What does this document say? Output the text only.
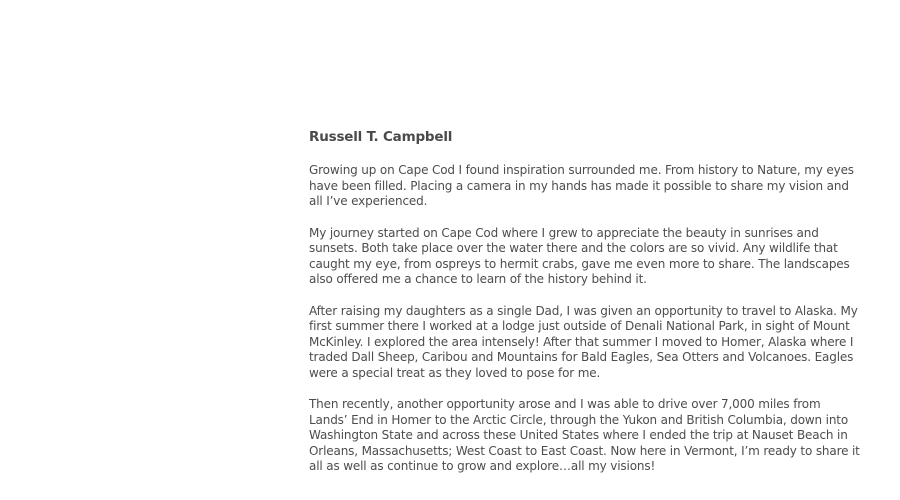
Russell T. Campbell

Growing up on Cape Cod I found inspiration surrounded me. From history to Nature, my eyes have been filled. Placing a camera in my hands has made it possible to share my vision and all I’ve experienced.

My journey started on Cape Cod where I grew to appreciate the beauty in sunrises and sunsets. Both take place over the water there and the colors are so vivid. Any wildlife that caught my eye, from ospreys to hermit crabs, gave me even more to share. The landscapes also offered me a chance to learn of the history behind it.

After raising my daughters as a single Dad, I was given an opportunity to travel to Alaska. My first summer there I worked at a lodge just outside of Denali National Park, in sight of Mount McKinley. I explored the area intensely! After that summer I moved to Homer, Alaska where I traded Dall Sheep, Caribou and Mountains for Bald Eagles, Sea Otters and Volcanoes. Eagles were a special treat as they loved to pose for me.

Then recently, another opportunity arose and I was able to drive over 7,000 miles from Lands’ End in Homer to the Arctic Circle, through the Yukon and British Columbia, down into Washington State and across these United States where I ended the trip at Nauset Beach in Orleans, Massachusetts; West Coast to East Coast. Now here in Vermont, I’m ready to share it all as well as continue to grow and explore…all my visions!
